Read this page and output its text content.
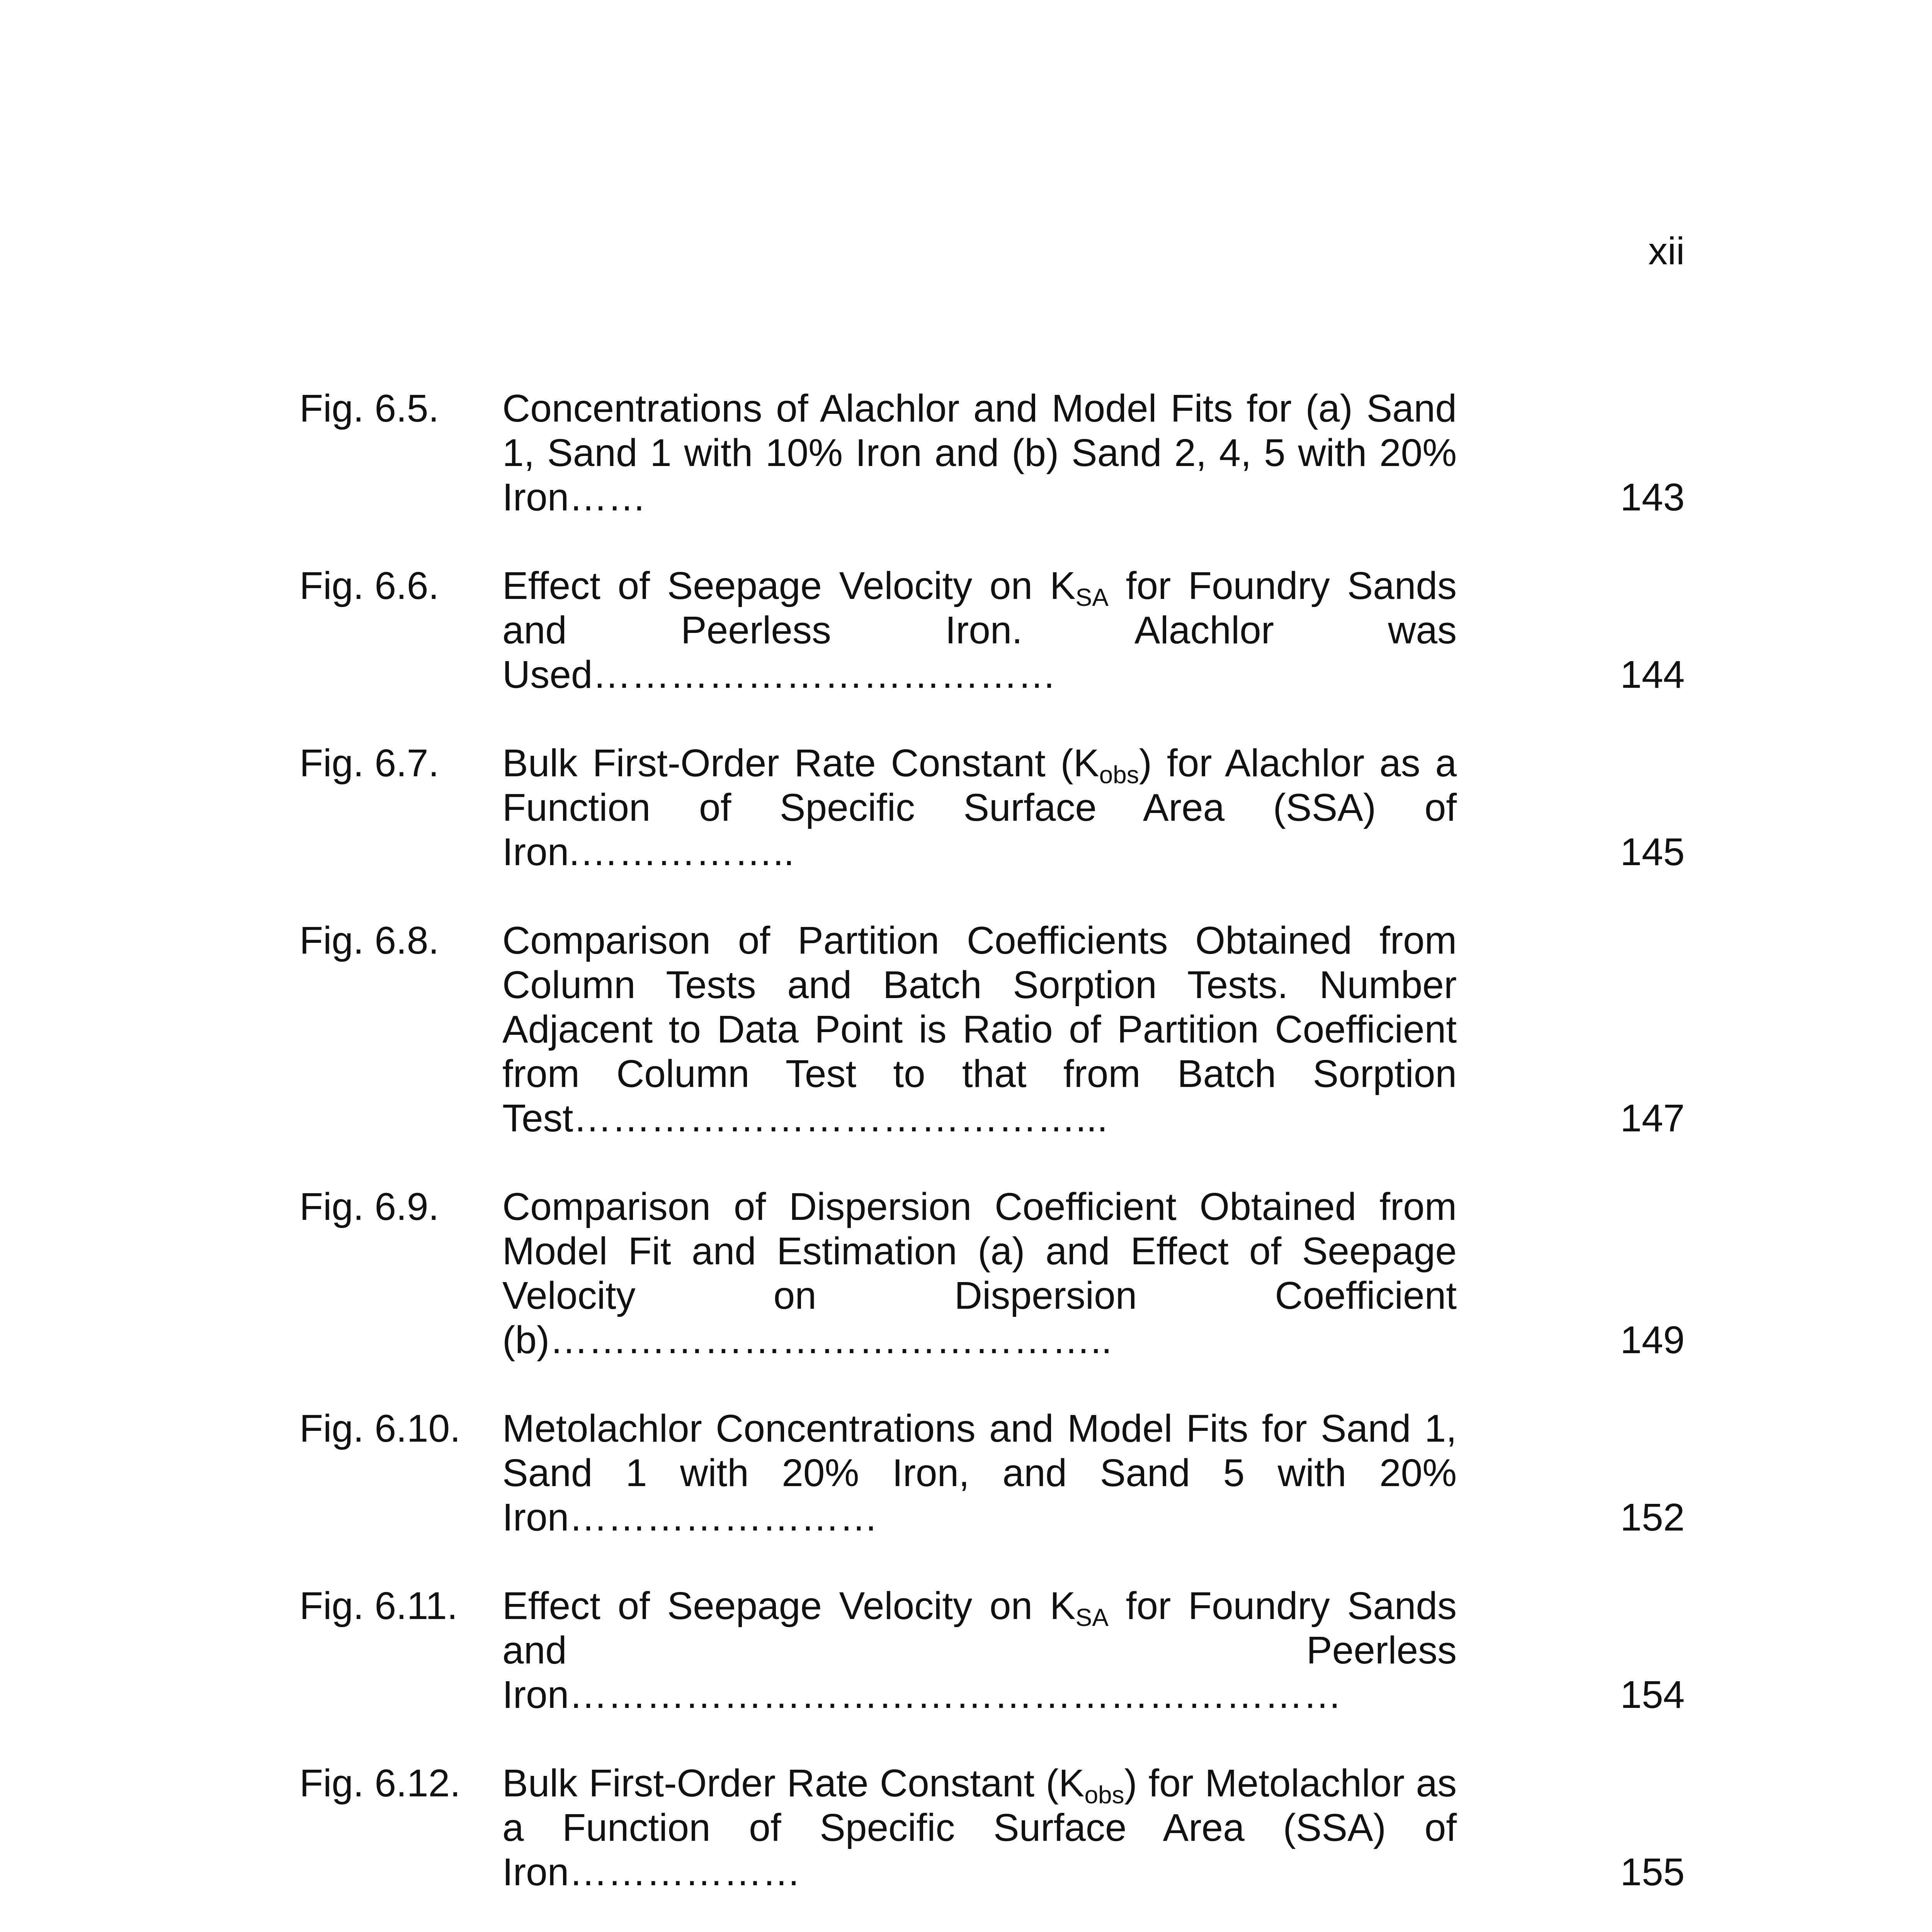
xii
Fig. 6.5. Concentrations of Alachlor and Model Fits for (a) Sand 1, Sand 1 with 10% Iron and (b) Sand 2, 4, 5 with 20% Iron……	143
Fig. 6.6. Effect of Seepage Velocity on $K_{SA}$ for Foundry Sands and Peerless Iron. Alachlor was Used………………………………	144
Fig. 6.7. Bulk First-Order Rate Constant $(K_{obs})$ for Alachlor as a Function of Specific Surface Area (SSA) of Iron.……………..	145
Fig. 6.8. Comparison of Partition Coefficients Obtained from Column Tests and Batch Sorption Tests. Number Adjacent to Data Point is Ratio of Partition Coefficient from Column Test to that from Batch Sorption Test…………………………………...	147
Fig. 6.9. Comparison of Dispersion Coefficient Obtained from Model Fit and Estimation (a) and Effect of Seepage Velocity on Dispersion Coefficient (b)……………………………………..	149
Fig. 6.10. Metolachlor Concentrations and Model Fits for Sand 1, Sand 1 with 20% Iron, and Sand 5 with 20% Iron……………………	152
Fig. 6.11. Effect of Seepage Velocity on $K_{SA}$ for Foundry Sands and Peerless Iron……………………………………………………	154
Fig. 6.12. Bulk First-Order Rate Constant $(K_{obs})$ for Metolachlor as a Function of Specific Surface Area (SSA) of Iron………………	155
